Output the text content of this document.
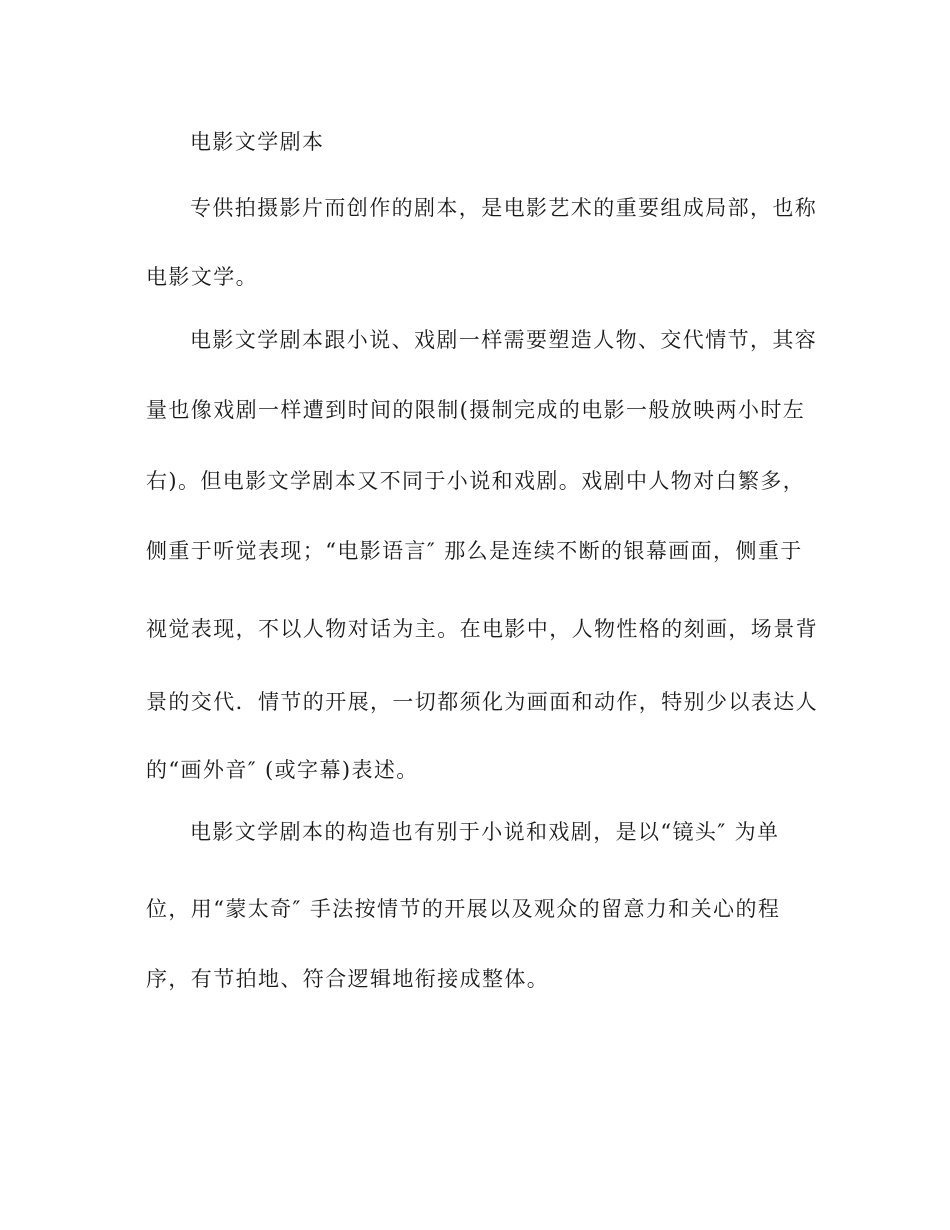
电影文学剧本
专供拍摄影片而创作的剧本，是电影艺术的重要组成局部，也称
电影文学。
电影文学剧本跟小说、戏剧一样需要塑造人物、交代情节，其容
量也像戏剧一样遭到时间的限制(摄制完成的电影一般放映两小时左
右)。但电影文学剧本又不同于小说和戏剧。戏剧中人物对白繁多，
侧重于听觉表现；“电影语言″ 那么是连续不断的银幕画面，侧重于
视觉表现，不以人物对话为主。在电影中，人物性格的刻画，场景背
景的交代．情节的开展，一切都须化为画面和动作，特别少以表达人
的“画外音″ (或字幕)表述。
电影文学剧本的构造也有别于小说和戏剧，是以“镜头″ 为单
位，用“蒙太奇″ 手法按情节的开展以及观众的留意力和关心的程
序，有节拍地、符合逻辑地衔接成整体。
